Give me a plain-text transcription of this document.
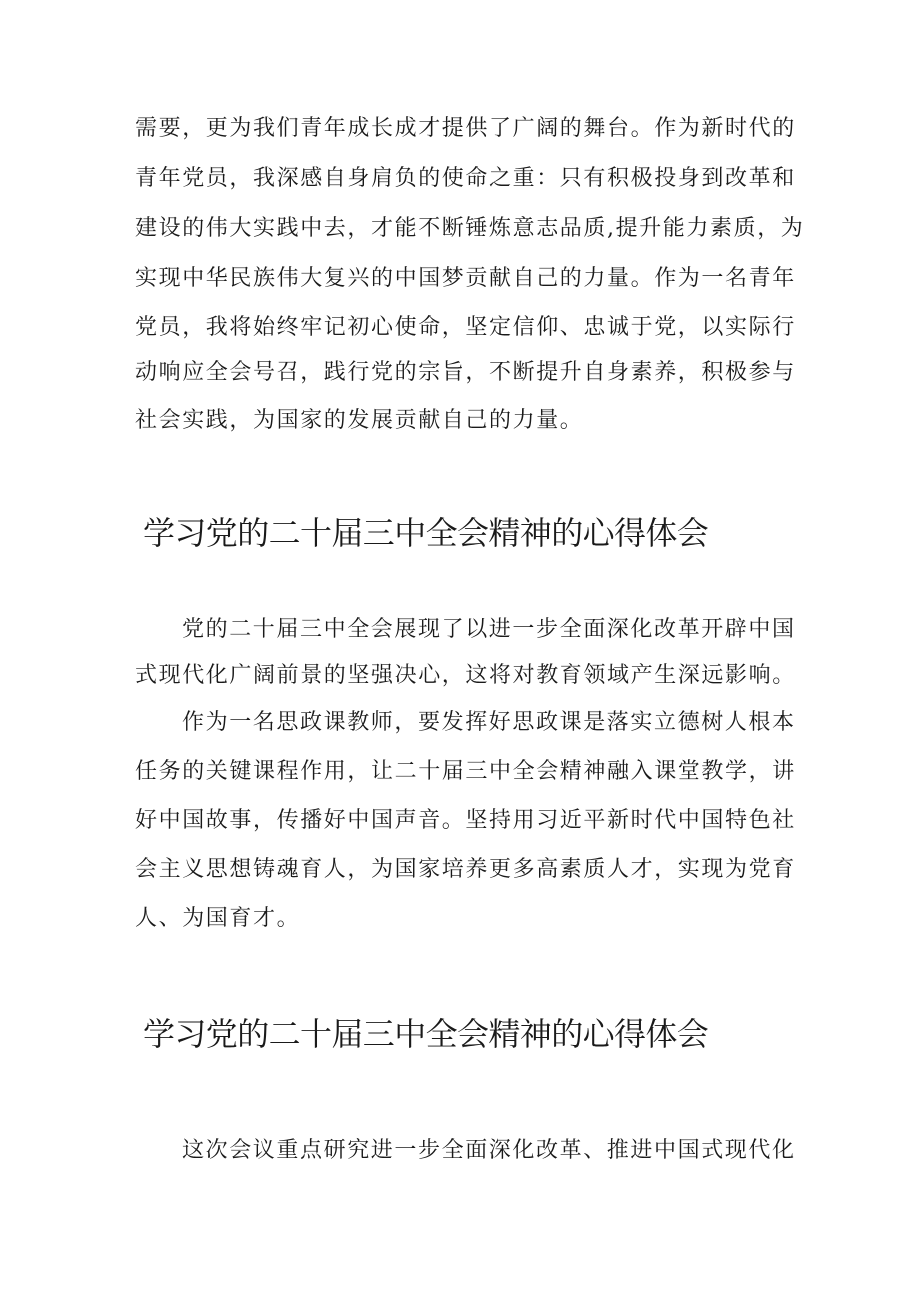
需要，更为我们青年成长成才提供了广阔的舞台。作为新时代的
青年党员，我深感自身肩负的使命之重：只有积极投身到改革和
建设的伟大实践中去，才能不断锤炼意志品质,提升能力素质，为
实现中华民族伟大复兴的中国梦贡献自己的力量。作为一名青年
党员，我将始终牢记初心使命，坚定信仰、忠诚于党，以实际行
动响应全会号召，践行党的宗旨，不断提升自身素养，积极参与
社会实践，为国家的发展贡献自己的力量。
学习党的二十届三中全会精神的心得体会
党的二十届三中全会展现了以进一步全面深化改革开辟中国
式现代化广阔前景的坚强决心，这将对教育领域产生深远影响。
作为一名思政课教师，要发挥好思政课是落实立德树人根本
任务的关键课程作用，让二十届三中全会精神融入课堂教学，讲
好中国故事，传播好中国声音。坚持用习近平新时代中国特色社
会主义思想铸魂育人，为国家培养更多高素质人才，实现为党育
人、为国育才。
学习党的二十届三中全会精神的心得体会
这次会议重点研究进一步全面深化改革、推进中国式现代化
